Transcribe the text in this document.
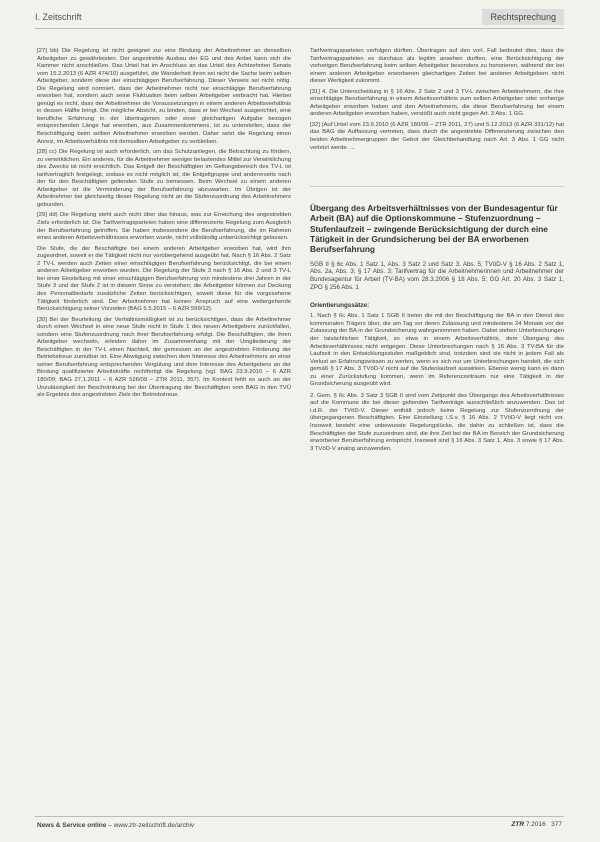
I. Zeitschrift	Rechtsprechung

[27] bb) Die Regelung ist nicht geeignet zur eine Bindung der Arbeitnehmer an denselben Arbeitgeber zu gewährleisten. Der angestrebte Ausbau der EG und des Anbei kann sich die Kammer nicht anschließen. Das Urteil hat im Anschluss an das Urteil des Achtzehnten Senats vom 15.2.2013 (6 AZR 474/10) ausgeführt, die Wanderheit ihren sei nicht die Sache beim selben Arbeitgeber, sondern diese der einschlägigen Berufserfahrung. Dieser Verweis sei nicht nötig. Die Regelung wird normiert, dass der Arbeitnehmer nicht nur einschlägige Berufserfahrung erworben hat, sondern auch seine Fluktuation beim selben Arbeitgeber verbracht hat. Hierbei genügt es nicht, dass der Arbeitnehmer die Voraussetzungen in einem anderen Arbeitsverhältnis in dessen Hälfte bringt. Die mögliche Absicht, zu binden, dass er bei Wechsel ausgerichtet, eine berufliche Erfahrung in der übertragenen oder einer gleichartigen Aufgabe bezogen entsprechenden Länge hat erworben, aus Zusammenkommens, ist zu unterstellen, dass der Beschäftigung beim selben Arbeitnehmer erworben werden. Daher setzt die Regelung einen Anreiz, im Arbeitsverhältnis mit demselben Arbeitgeber zu verbleiben.

[28] cc) Die Regelung ist auch erforderlich, um das Schutzanliegen, die Betrachtung zu fördern, zu verwirklichen. Ein anderes, für die Arbeitnehmer weniger belastendes Mittel zur Verwirklichung des Zwecks ist nicht ersichtlich. Das Entgelt der Beschäftigten im Geltungsbereich des TV-L ist tarifvertraglich festgelegt, sodass es nicht möglich ist, die Entgeltgruppe und andererseits nach der für den Beschäftigten geltenden Stufe zu bemessen. Beim Wechsel zu einem anderen Arbeitgeber ist die Verminderung der Berufserfahrung abzuwarten. Im Übrigen ist der Arbeitnehmer bei gleichzeitig dieser Regelung nicht an die Stufenzuordnung des Arbeitnehmers gebunden.

[29] dd) Die Regelung steht auch nicht über das hinaus, was zur Erreichung des angestrebten Ziels erforderlich ist. Die Tarifvertragsparteien haben eine differenzierte Regelung zum Ausgleich der Berufserfahrung getroffen. Sie haben insbesondere die Berufserfahrung, die im Rahmen eines anderen Arbeitsverhältnisses erworben wurde, nicht vollständig unberücksichtigt gelassen.

Die Stufe, die der Beschäftigte bei einem anderen Arbeitgeber erworben hat, wird ihm zugeordnet, soweit er die Tätigkeit nicht nur vorübergehend ausgeübt hat. Nach § 16 Abs. 2 Satz 2 TV-L werden auch Zeiten einer einschlägigen Berufserfahrung berücksichtigt, die bei einem anderen Arbeitgeber erworben wurden. Die Regelung der Stufe 3 nach § 16 Abs. 2 und 3 TV-L bei einer Einstellung mit einer einschlägigen Berufserfahrung von mindestens drei Jahren in der Stufe 3 und der Stufe 2 ist in diesem Sinne zu verstehen; die Arbeitgeber können zur Deckung des Personalbedarfs zusätzliche Zeiten berücksichtigen, soweit diese für die vorgesehene Tätigkeit förderlich sind. Der Arbeitnehmer hat keinen Anspruch auf eine weitergehende Berücksichtigung seiner Vorzeiten (BAG 5.5.2015 – 6 AZR 599/12).

[30] Bei der Beurteilung der Verhältnismäßigkeit ist zu berücksichtigen, dass die Arbeitnehmer durch einen Wechsel in eine neue Stufe nicht in Stufe 1 des neuen Arbeitgebers zurückfallen, sondern eine Stufenzuordnung nach ihrer Berufserfahrung erfolgt. Die Beschäftigten, die ihren Arbeitgeber wechseln, erleiden daher im Zusammenhang mit der Umgliederung der Beschäftigten in der TV-L einen Nachteil, der gemessen an der angestrebten Förderung der Betriebstreue zumutbar ist. Eine Abwägung zwischen dem Interesse des Arbeitnehmers an einer seiner Berufserfahrung entsprechenden Vergütung und dem Interesse des Arbeitgebers an der Bindung qualifizierter Arbeitskräfte rechtfertigt die Regelung (vgl. BAG 23.9.2010 – 6 AZR 180/09; BAG 27.1.2011 – 6 AZR 526/09 – ZTR 2011, 357). Im Kontext fehlt es auch an der Unzulässigkeit der Beschränkung bei der Übertragung der Beschäftigten vom BAG in den TVÜ als Ergebnis des angestrebten Ziels der Betriebstreue.

Tarifvertragsparteien verfolgen dürften. Übertragen auf den vorl. Fall bedeutet dies, dass die Tarifvertragsparteien es durchaus als legitim ansehen durften, eine Berücksichtigung der vorherigen Berufserfahrung beim selben Arbeitgeber besonders zu honorieren, während der bei einem anderen Arbeitgeber erworbenen gleichartigen Zeiten bei anderen Arbeitgebern nicht dieser Wertigkeit zukommt.

[31] 4. Die Unterscheidung in § 16 Abs. 2 Satz 2 und 3 TV-L zwischen Arbeitnehmern, die ihre einschlägige Berufserfahrung in einem Arbeitsverhältnis zum selben Arbeitgeber oder vorherige Arbeitgeber erworben haben und den Arbeitnehmern, die diese Berufserfahrung bei einem anderen Arbeitgeber erworben haben, verstößt auch nicht gegen Art. 3 Abs. 1 GG.

[32] (Auf Urteil vom 23.9.2010 (6 AZR 180/09 – ZTR 2011, 27) und 5.12.2013 (6 AZR 331/12) hat das BAG die Auffassung vertreten, dass durch die angestrebte Differenzierung zwischen den beiden Arbeitnehmergruppen der Gebot der Gleichbehandlung nach Art. 3 Abs. 1 GG nicht verletzt werde. ...

Übergang des Arbeitsverhältnisses von der Bundesagentur für Arbeit (BA) auf die Optionskommune – Stufenzuordnung – Stufenlaufzeit – zwingende Berücksichtigung der durch eine Tätigkeit in der Grundsicherung bei der BA erworbenen Berufserfahrung
SGB II § 6c Abs. 1 Satz 1, Abs. 3 Satz 2 und Satz 3, Abs. 5; TVöD-V § 16 Abs. 2 Satz 1, Abs. 2a, Abs. 3; § 17 Abs. 3; Tarifvertrag für die Arbeitnehmerinnen und Arbeitnehmer der Bundesagentur für Arbeit (TV-BA) vom 28.3.2006 § 18 Abs. 5; GG Art. 20 Abs. 3 Satz 1, ZPO § 256 Abs. 1
Orientierungssätze:

1. Nach § 6c Abs. 1 Satz 1 SGB II treten die mit der Beschäftigung der BA in den Dienst des kommunalen Trägers über, die am Tag vor deren Zulassung und mindestens 24 Monate vor der Zulassung der BA in der Grundsicherung wahrgenommen haben. Dabei stehen Unterbrechungen der tatsächlichen Tätigkeit, so etwa in einem Arbeitsverhältnis, dem Übergang des Arbeitsverhältnisses nicht entgegen. Diese Unterbrechungen nach § 16 Abs. 3 TV-BA für die Laufzeit in den Entwicklungsstufen maßgeblich sind, trotzdem sind sie nicht in jedem Fall als Verlust an Erfahrungswissen zu werten, wenn es sich nur um Unterbrechungen handelt, die sich gemäß § 17 Abs. 3 TVöD-V nicht auf die Stufenlaufzeit auswirken. Ebenso wenig kann es dann zu einer Zurückstufung kommen, wenn im Referenzzeitraum nur eine Tätigkeit in der Grundsicherung ausgeübt wird.

2. Gem. § 6c Abs. 3 Satz 3 SGB II sind vom Zeitpunkt des Übergangs des Arbeitsverhältnisses auf die Kommune die bei dieser geltenden Tarifverträge ausschließlich anzuwenden. Das ist i.d.R. der TVöD-V. Dieser enthält jedoch keine Regelung zur Stufenzuordnung der übergegangenen Beschäftigten. Eine Einstellung i.S.v. § 16 Abs. 2 TVöD-V liegt nicht vor. Insoweit besteht eine unbewusste Regelungslücke, die dahin zu schließen ist, dass die Beschäftigten der Stufe zuzuordnen sind, die ihre Zeit bei der BA im Bereich der Grundsicherung erworbener Berufserfahrung entspricht. Insoweit sind § 16 Abs. 3 Satz 1, Abs. 3 sowie § 17 Abs. 3 TVöD-V analog anzuwenden.

News & Service online – www.ztr-zeitschrift.de/archiv	ZTR 7.2016 377
